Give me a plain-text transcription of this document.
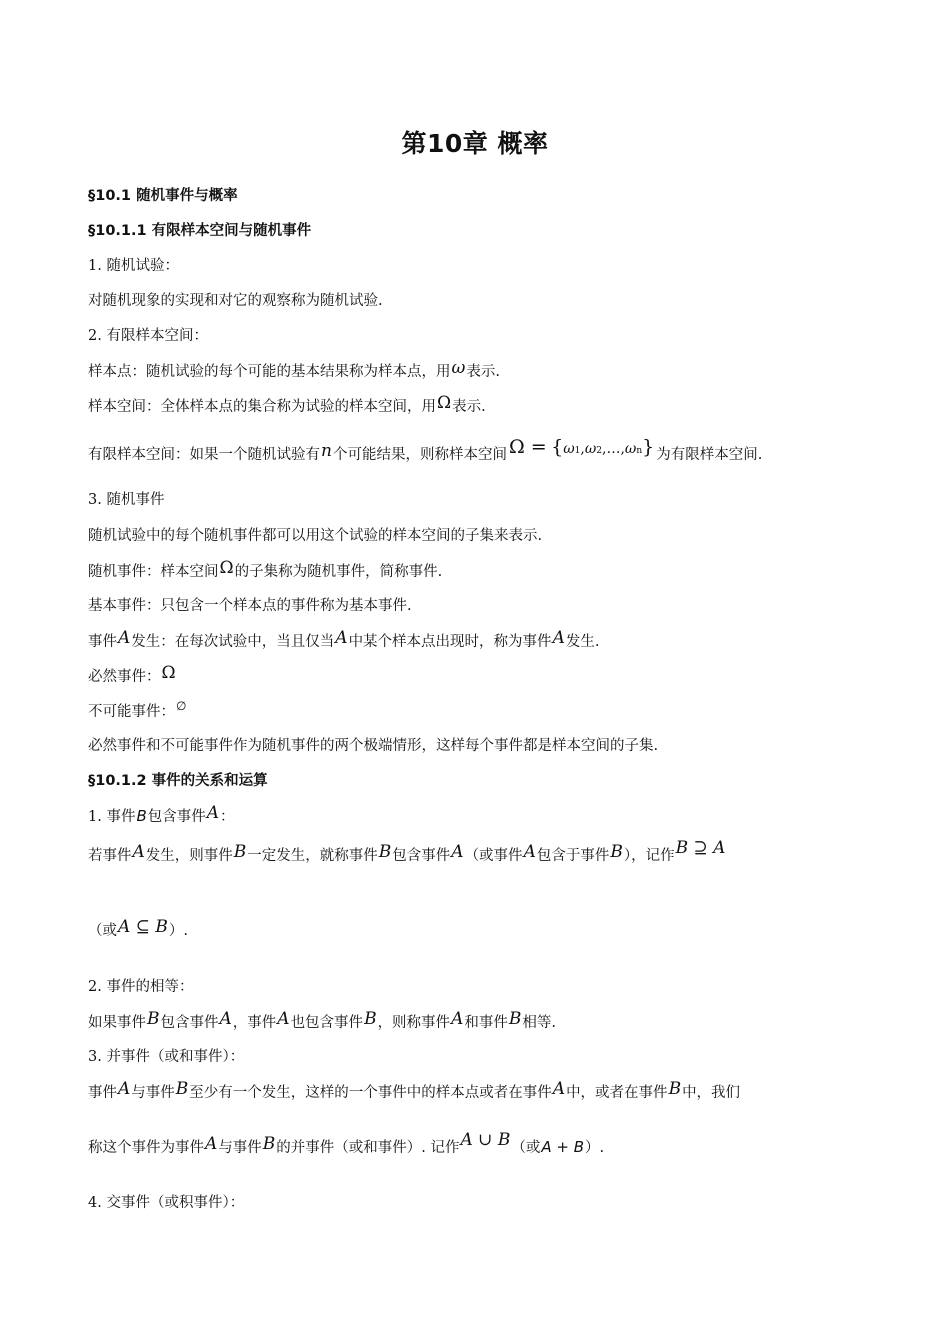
第10章 概率
§10.1 随机事件与概率
§10.1.1 有限样本空间与随机事件
1. 随机试验：
对随机现象的实现和对它的观察称为随机试验.
2. 有限样本空间：
样本点：随机试验的每个可能的基本结果称为样本点，用ω表示.
样本空间：全体样本点的集合称为试验的样本空间，用Ω表示.
有限样本空间：如果一个随机试验有n个可能结果，则称样本空间 Ω = {ω1,ω2,…,ωn} 为有限样本空间.
3. 随机事件
随机试验中的每个随机事件都可以用这个试验的样本空间的子集来表示.
随机事件：样本空间Ω的子集称为随机事件，简称事件.
基本事件：只包含一个样本点的事件称为基本事件.
事件A发生：在每次试验中，当且仅当A中某个样本点出现时，称为事件A发生.
必然事件：Ω
不可能事件：∅
必然事件和不可能事件作为随机事件的两个极端情形，这样每个事件都是样本空间的子集.
§10.1.2 事件的关系和运算
1. 事件B包含事件A：
若事件A发生，则事件B一定发生，就称事件B包含事件A（或事件A包含于事件B），记作B ⊇ A
（或A ⊆ B）.
2. 事件的相等：
如果事件B包含事件A，事件A也包含事件B，则称事件A和事件B相等.
3. 并事件（或和事件）：
事件A与事件B至少有一个发生，这样的一个事件中的样本点或者在事件A中，或者在事件B中，我们
称这个事件为事件A与事件B的并事件（或和事件）. 记作A ∪ B（或A + B）.
4. 交事件（或积事件）：
